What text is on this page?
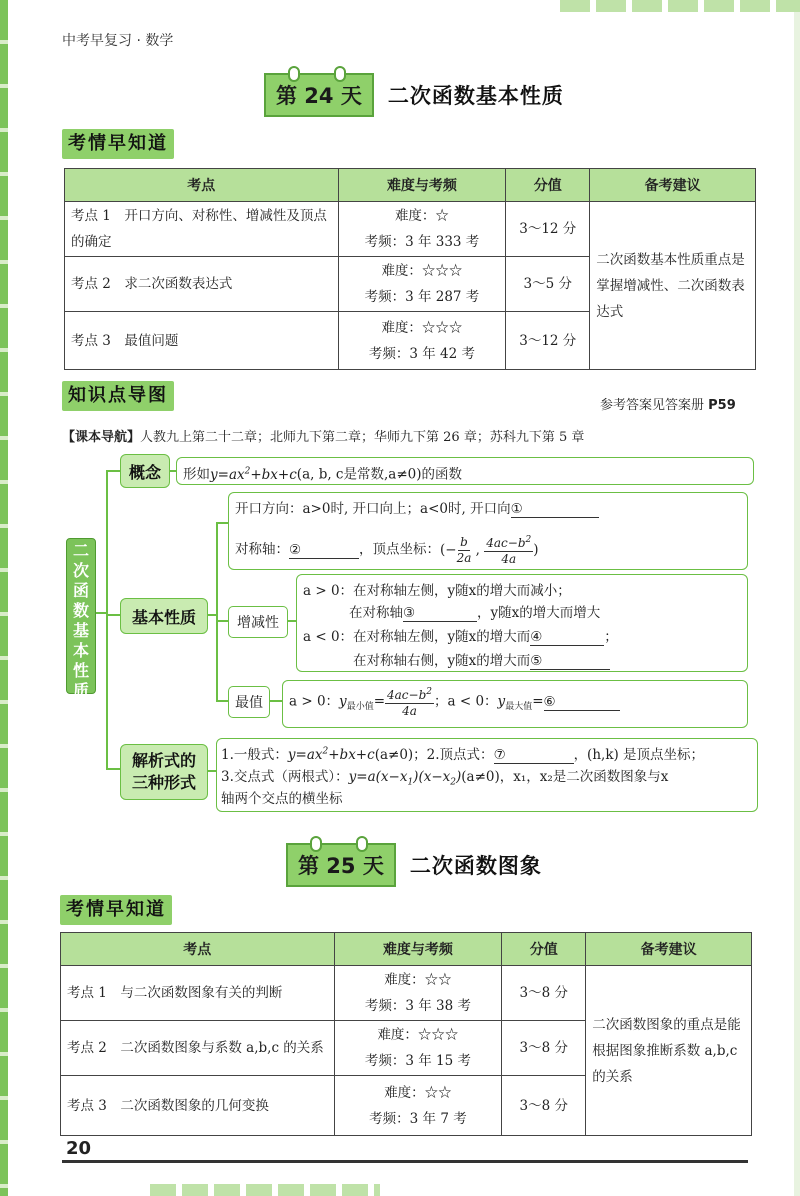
中考早复习 · 数学
第 24 天 二次函数基本性质
考情早知道
考点	难度与考频	分值	备考建议
考点 1　开口方向、对称性、增减性及顶点的确定	难度：☆
考频：3 年 333 考	3～12 分	二次函数基本性质重点是掌握增减性、二次函数表达式
考点 2　求二次函数表达式	难度：☆☆☆
考频：3 年 287 考	3～5 分	
考点 3　最值问题	难度：☆☆☆
考频：3 年 42 考	3～12 分	
知识点导图	参考答案见答案册 P59
【课本导航】人教九上第二十二章；北师九下第二章；华师九下第 26 章；苏科九下第 5 章
二次函数基本性质
概念	形如$y=ax^2+bx+c(a$, b, c是常数,a≠0)的函数
基本性质
开口方向：a>0时, 开口向上；a<0时, 开口向①
对称轴：②	，顶点坐标：(− $\frac{b}{2a}$ , $\frac{4ac-b^2}{4a}$ )
增减性
a > 0：在对称轴左侧，y随x的增大而减小；
在对称轴③	，y随x的增大而增大
a < 0：在对称轴左侧，y随x的增大而④	；
在对称轴右侧，y随x的增大而⑤
最值	a > 0：$y_{最小值}= \frac{4ac-b^2}{4a}$ ；a < 0：$y_{最大值}=⑥$
解析式的
三种形式
1.一般式：$y=ax^2+bx+c(a\ne 0)$；2.顶点式：⑦	，(h,k) 是顶点坐标；
3.交点式（两根式）：$y=a(x-x_1)(x-x_2)(a\ne 0)$，x₁，x₂是二次函数图象与x
轴两个交点的横坐标
第 25 天 二次函数图象
考情早知道
考点	难度与考频	分值	备考建议
考点 1　与二次函数图象有关的判断	难度：☆☆
考频：3 年 38 考	3～8 分	二次函数图象的重点是能根据图象推断系数 a,b,c 的关系
考点 2　二次函数图象与系数 a,b,c 的关系	难度：☆☆☆
考频：3 年 15 考	3～8 分	
考点 3　二次函数图象的几何变换	难度：☆☆
考频：3 年 7 考	3～8 分	
20
